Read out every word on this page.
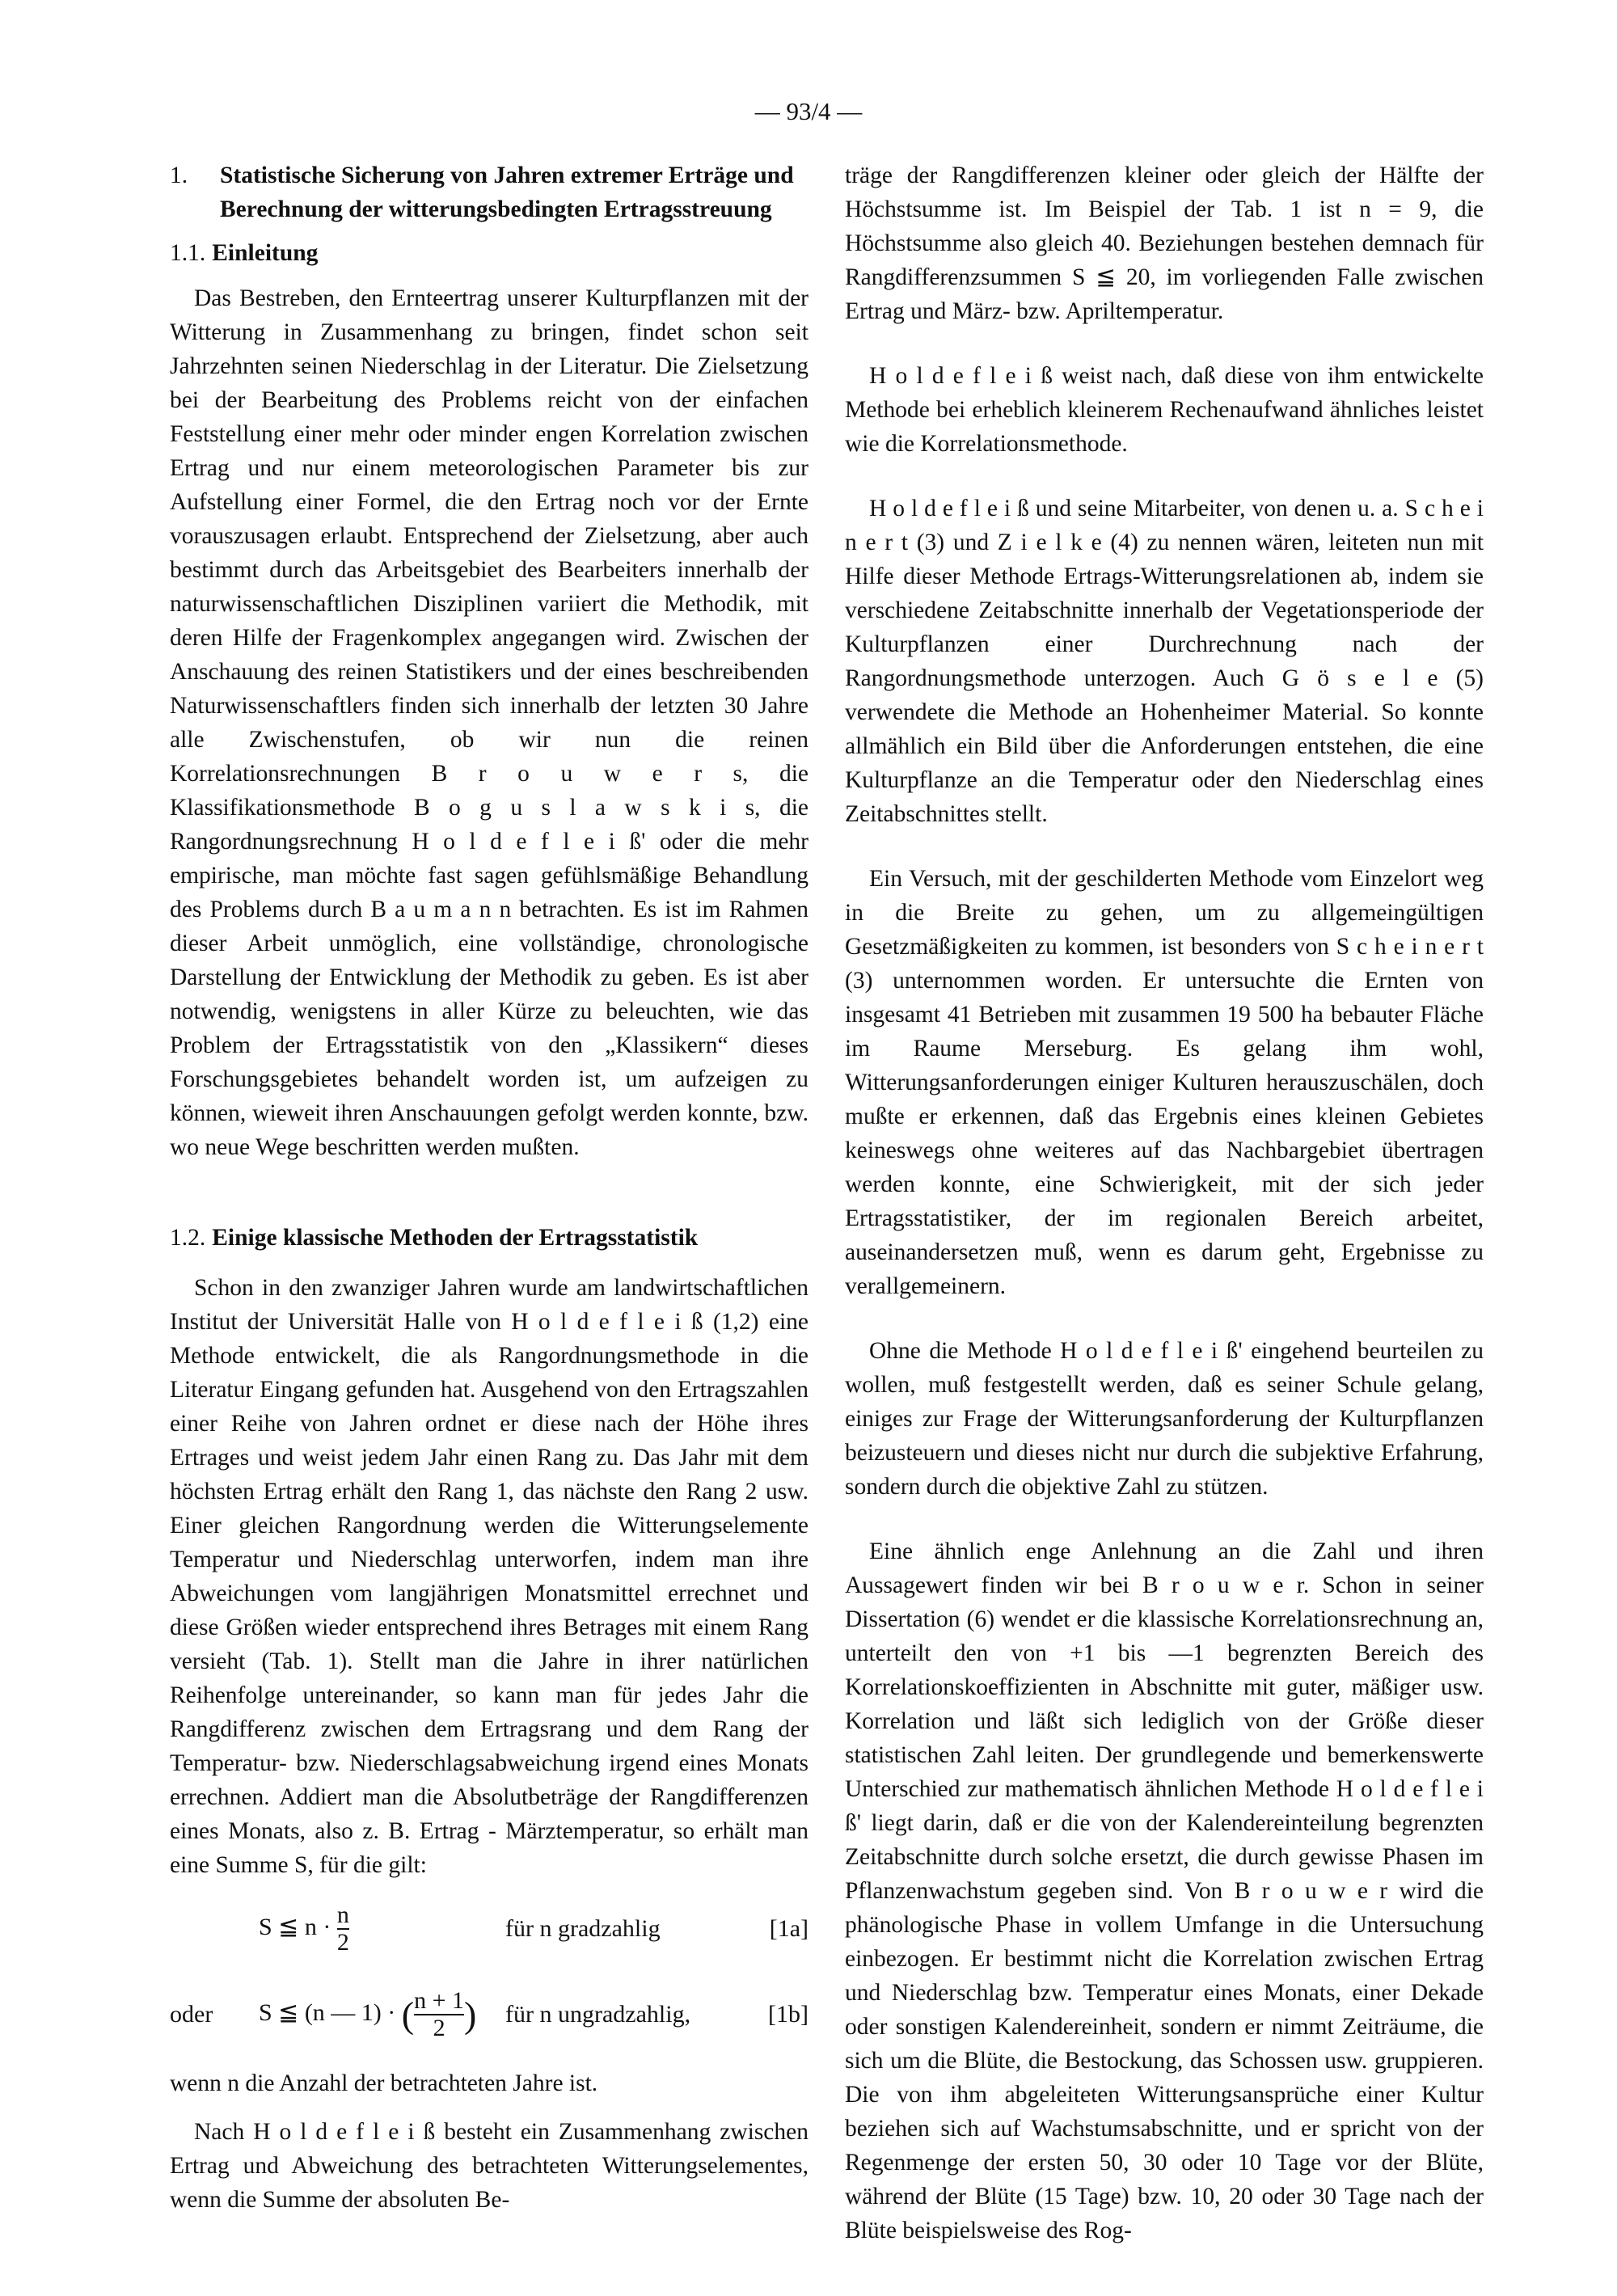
— 93/4 —
1.	Statistische Sicherung von Jahren extremer Erträge und Berechnung der witterungsbedingten Ertragsstreuung
1.1. Einleitung
Das Bestreben, den Ernteertrag unserer Kulturpflanzen mit der Witterung in Zusammenhang zu bringen, findet schon seit Jahrzehnten seinen Niederschlag in der Literatur. Die Zielsetzung bei der Bearbeitung des Problems reicht von der einfachen Feststellung einer mehr oder minder engen Korrelation zwischen Ertrag und nur einem meteorologischen Parameter bis zur Aufstellung einer Formel, die den Ertrag noch vor der Ernte vorauszusagen erlaubt. Entsprechend der Zielsetzung, aber auch bestimmt durch das Arbeitsgebiet des Bearbeiters innerhalb der naturwissenschaftlichen Disziplinen variiert die Methodik, mit deren Hilfe der Fragenkomplex angegangen wird. Zwischen der Anschauung des reinen Statistikers und der eines beschreibenden Naturwissenschaftlers finden sich innerhalb der letzten 30 Jahre alle Zwischenstufen, ob wir nun die reinen Korrelationsrechnungen B r o u w e r s, die Klassifikationsmethode B o g u s l a w s k i s, die Rangordnungsrechnung H o l d e f l e i ß' oder die mehr empirische, man möchte fast sagen gefühlsmäßige Behandlung des Problems durch B a u m a n n betrachten. Es ist im Rahmen dieser Arbeit unmöglich, eine vollständige, chronologische Darstellung der Entwicklung der Methodik zu geben. Es ist aber notwendig, wenigstens in aller Kürze zu beleuchten, wie das Problem der Ertragsstatistik von den „Klassikern“ dieses Forschungsgebietes behandelt worden ist, um aufzeigen zu können, wieweit ihren Anschauungen gefolgt werden konnte, bzw. wo neue Wege beschritten werden mußten.
1.2. Einige klassische Methoden der Ertragsstatistik
Schon in den zwanziger Jahren wurde am landwirtschaftlichen Institut der Universität Halle von H o l d e f l e i ß (1,2) eine Methode entwickelt, die als Rangordnungsmethode in die Literatur Eingang gefunden hat. Ausgehend von den Ertragszahlen einer Reihe von Jahren ordnet er diese nach der Höhe ihres Ertrages und weist jedem Jahr einen Rang zu. Das Jahr mit dem höchsten Ertrag erhält den Rang 1, das nächste den Rang 2 usw. Einer gleichen Rangordnung werden die Witterungselemente Temperatur und Niederschlag unterworfen, indem man ihre Abweichungen vom langjährigen Monatsmittel errechnet und diese Größen wieder entsprechend ihres Betrages mit einem Rang versieht (Tab. 1). Stellt man die Jahre in ihrer natürlichen Reihenfolge untereinander, so kann man für jedes Jahr die Rangdifferenz zwischen dem Ertragsrang und dem Rang der Temperatur- bzw. Niederschlagsabweichung irgend eines Monats errechnen. Addiert man die Absolutbeträge der Rangdifferenzen eines Monats, also z. B. Ertrag - Märztemperatur, so erhält man eine Summe S, für die gilt:
S ≦ $n \cdot \frac{n}{2}$	für n gradzahlig	[1a]
oder	S ≦ (n — 1) · ( $\frac{n + 1}{2}$ )	für n ungradzahlig,	[1b]
wenn n die Anzahl der betrachteten Jahre ist.
Nach H o l d e f l e i ß besteht ein Zusammenhang zwischen Ertrag und Abweichung des betrachteten Witterungselementes, wenn die Summe der absoluten Be-
träge der Rangdifferenzen kleiner oder gleich der Hälfte der Höchstsumme ist. Im Beispiel der Tab. 1 ist n = 9, die Höchstsumme also gleich 40. Beziehungen bestehen demnach für Rangdifferenzsummen S ≦ 20, im vorliegenden Falle zwischen Ertrag und März- bzw. Apriltemperatur.
H o l d e f l e i ß weist nach, daß diese von ihm entwickelte Methode bei erheblich kleinerem Rechenaufwand ähnliches leistet wie die Korrelationsmethode.
H o l d e f l e i ß und seine Mitarbeiter, von denen u. a. S c h e i n e r t (3) und Z i e l k e (4) zu nennen wären, leiteten nun mit Hilfe dieser Methode Ertrags-Witterungsrelationen ab, indem sie verschiedene Zeitabschnitte innerhalb der Vegetationsperiode der Kulturpflanzen einer Durchrechnung nach der Rangordnungsmethode unterzogen. Auch G ö s e l e (5) verwendete die Methode an Hohenheimer Material. So konnte allmählich ein Bild über die Anforderungen entstehen, die eine Kulturpflanze an die Temperatur oder den Niederschlag eines Zeitabschnittes stellt.
Ein Versuch, mit der geschilderten Methode vom Einzelort weg in die Breite zu gehen, um zu allgemeingültigen Gesetzmäßigkeiten zu kommen, ist besonders von S c h e i n e r t (3) unternommen worden. Er untersuchte die Ernten von insgesamt 41 Betrieben mit zusammen 19 500 ha bebauter Fläche im Raume Merseburg. Es gelang ihm wohl, Witterungsanforderungen einiger Kulturen herauszuschälen, doch mußte er erkennen, daß das Ergebnis eines kleinen Gebietes keineswegs ohne weiteres auf das Nachbargebiet übertragen werden konnte, eine Schwierigkeit, mit der sich jeder Ertragsstatistiker, der im regionalen Bereich arbeitet, auseinandersetzen muß, wenn es darum geht, Ergebnisse zu verallgemeinern.
Ohne die Methode H o l d e f l e i ß' eingehend beurteilen zu wollen, muß festgestellt werden, daß es seiner Schule gelang, einiges zur Frage der Witterungsanforderung der Kulturpflanzen beizusteuern und dieses nicht nur durch die subjektive Erfahrung, sondern durch die objektive Zahl zu stützen.
Eine ähnlich enge Anlehnung an die Zahl und ihren Aussagewert finden wir bei B r o u w e r. Schon in seiner Dissertation (6) wendet er die klassische Korrelationsrechnung an, unterteilt den von +1 bis —1 begrenzten Bereich des Korrelationskoeffizienten in Abschnitte mit guter, mäßiger usw. Korrelation und läßt sich lediglich von der Größe dieser statistischen Zahl leiten. Der grundlegende und bemerkenswerte Unterschied zur mathematisch ähnlichen Methode H o l d e f l e i ß' liegt darin, daß er die von der Kalendereinteilung begrenzten Zeitabschnitte durch solche ersetzt, die durch gewisse Phasen im Pflanzenwachstum gegeben sind. Von B r o u w e r wird die phänologische Phase in vollem Umfange in die Untersuchung einbezogen. Er bestimmt nicht die Korrelation zwischen Ertrag und Niederschlag bzw. Temperatur eines Monats, einer Dekade oder sonstigen Kalendereinheit, sondern er nimmt Zeiträume, die sich um die Blüte, die Bestockung, das Schossen usw. gruppieren. Die von ihm abgeleiteten Witterungsansprüche einer Kultur beziehen sich auf Wachstumsabschnitte, und er spricht von der Regenmenge der ersten 50, 30 oder 10 Tage vor der Blüte, während der Blüte (15 Tage) bzw. 10, 20 oder 30 Tage nach der Blüte beispielsweise des Rog-
